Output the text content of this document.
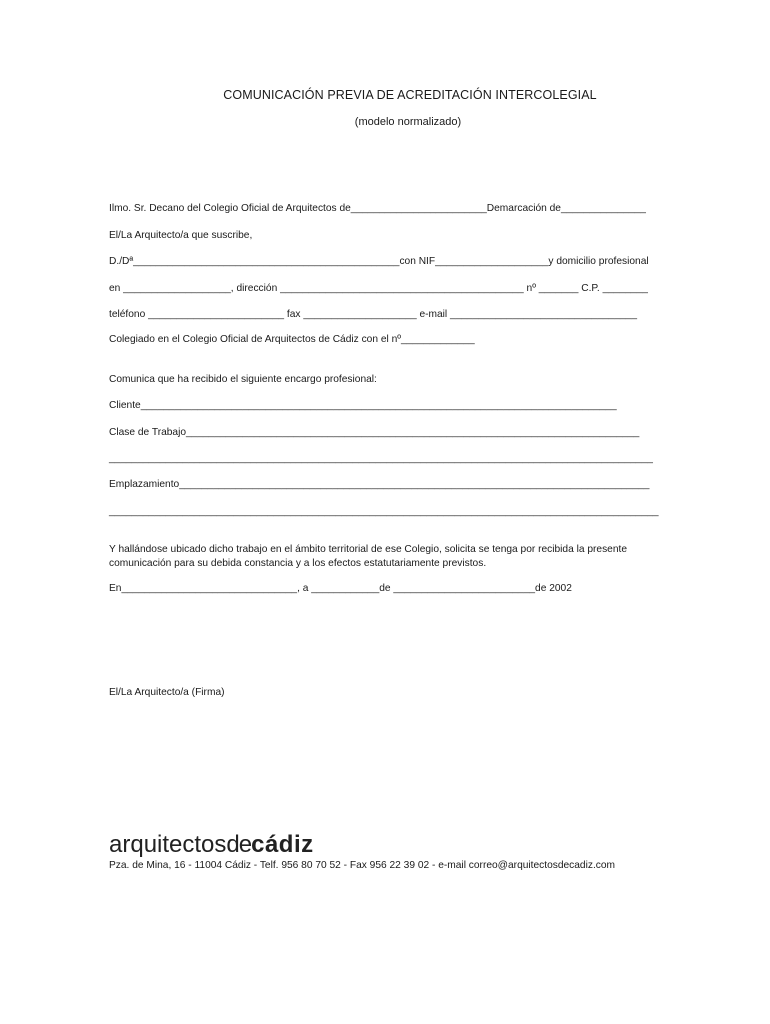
COMUNICACIÓN PREVIA DE ACREDITACIÓN INTERCOLEGIAL
(modelo normalizado)
Ilmo. Sr. Decano del Colegio Oficial de Arquitectos de________________________Demarcación de_______________
El/La Arquitecto/a que suscribe,
D./Dª_______________________________________________con NIF____________________y domicilio profesional
en ___________________, dirección ___________________________________________ nº _______ C.P. ________
teléfono ________________________ fax ____________________ e-mail _________________________________
Colegiado en el Colegio Oficial de Arquitectos de Cádiz con el nº_____________
Comunica que ha recibido el siguiente encargo profesional:
Cliente____________________________________________________________________________________
Clase de Trabajo________________________________________________________________________________
________________________________________________________________________________________________
Emplazamiento___________________________________________________________________________________
_________________________________________________________________________________________________
Y hallándose ubicado dicho trabajo en el ámbito territorial de ese Colegio, solicita se tenga por recibida la presente
comunicación para su debida constancia y a los efectos estatutariamente previstos.
En_______________________________, a ____________de _________________________de 2002
El/La Arquitecto/a (Firma)
arquitectosdecádiz
Pza. de Mina, 16 - 11004 Cádiz - Telf. 956 80 70 52 - Fax 956 22 39 02 - e-mail correo@arquitectosdecadiz.com
